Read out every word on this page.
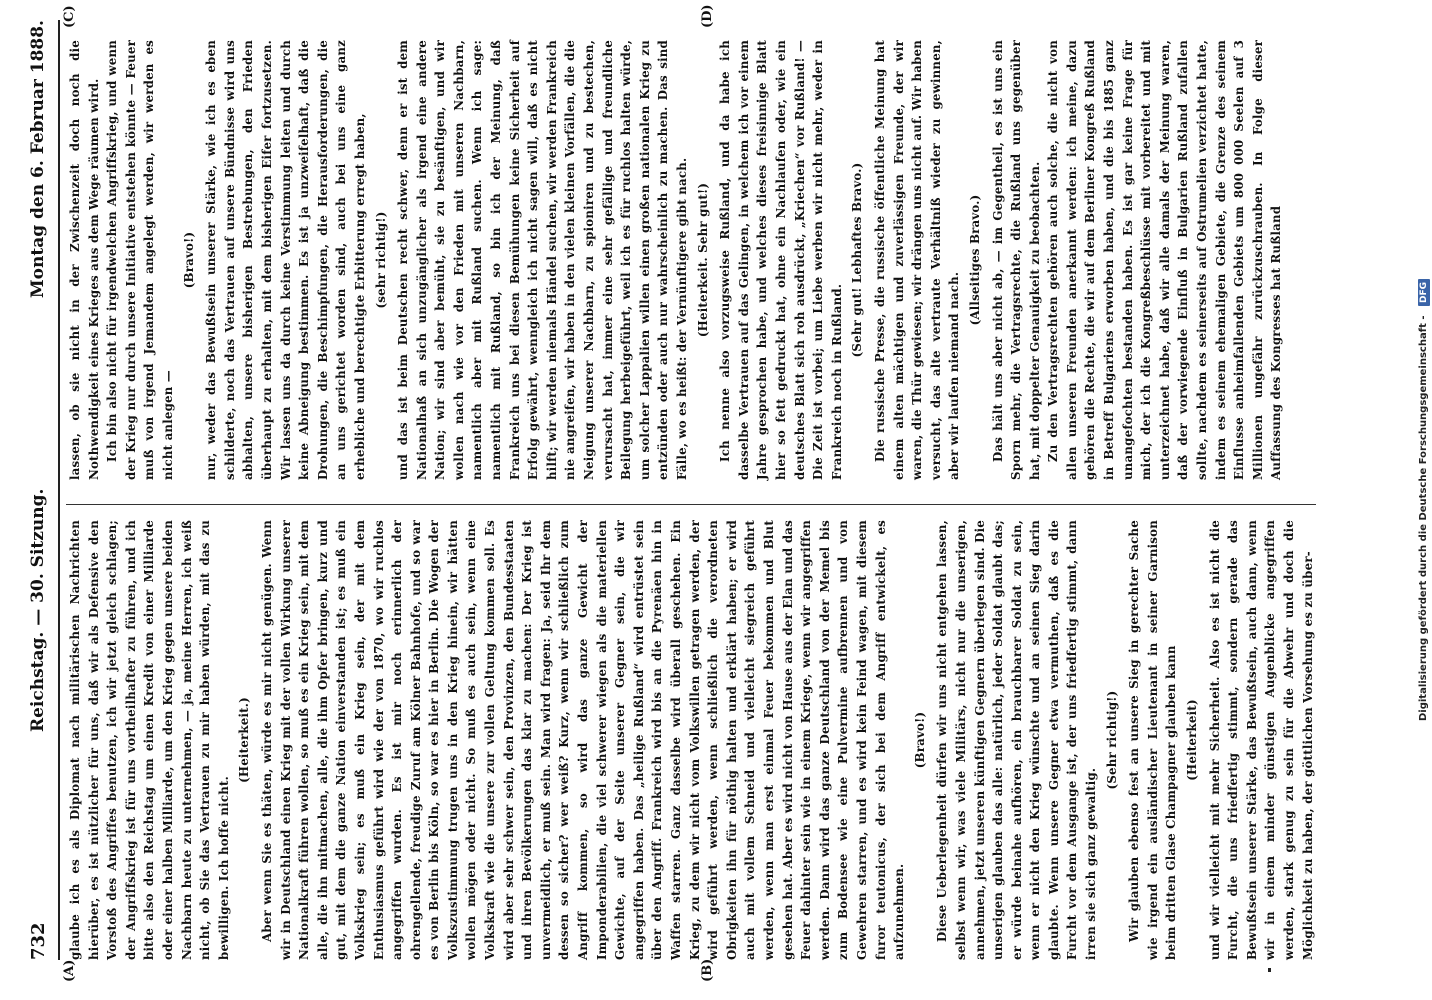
732
Reichstag. — 30. Sitzung.
Montag den 6. Februar 1888.
(A)	(B)
(C)	(D)

glaube ich es als Diplomat nach militärischen Nachrichten hierüber, es ist nützlicher für uns, daß wir als Defensive den Vorstoß des Angriffes benutzen, ich wir jetzt gleich schlagen; der Angriffskrieg ist für uns vortheilhafter zu führen, und ich bitte also den Reichstag um einen Kredit von einer Milliarde oder einer halben Milliarde, um den Krieg gegen unsere beiden Nachbarn heute zu unternehmen, — ja, meine Herren, ich weiß nicht, ob Sie das Vertrauen zu mir haben würden, mit das zu bewilligen. Ich hoffe nicht.

(Heiterkeit.) Aber wenn Sie es thäten, würde es mir nicht genügen. Wenn wir in Deutschland einen Krieg mit der vollen Wirkung unserer Nationalkraft führen wollen, so muß es ein Krieg sein, mit dem alle, die ihn mitmachen, alle, die ihm Opfer bringen, kurz und gut, mit dem die ganze Nation einverstanden ist; es muß ein Volkskrieg sein; es muß ein Krieg sein, der mit dem Enthusiasmus geführt wird wie der von 1870, wo wir ruchlos angegriffen wurden. Es ist mir noch erinnerlich der ohrengellende, freudige Zuruf am Kölner Bahnhofe, und so war es von Berlin bis Köln, so war es hier in Berlin. Die Wogen der Volkszustimmung trugen uns in den Krieg hinein, wir hätten wollen mögen oder nicht. So muß es auch sein, wenn eine Volkskraft wie die unsere zur vollen Geltung kommen soll. Es wird aber sehr schwer sein, den Provinzen, den Bundesstaaten und ihren Bevölkerungen das klar zu machen: Der Krieg ist unvermeidlich, er muß sein. Man wird fragen: Ja, seid Ihr dem dessen so sicher? wer weiß? Kurz, wenn wir schließlich zum Angriff kommen, so wird das ganze Gewicht der Imponderabilien, die viel schwerer wiegen als die materiellen Gewichte, auf der Seite unserer Gegner sein, die wir angegriffen haben. Das „heilige Rußland“ wird entrüstet sein über den Angriff. Frankreich wird bis an die Pyrenäen hin in Waffen starren. Ganz dasselbe wird überall geschehen. Ein Krieg, zu dem wir nicht vom Volkswillen getragen werden, der wird geführt werden, wenn schließlich die verordneten Obrigkeiten ihn für nöthig halten und erklärt haben; er wird auch mit vollem Schneid und vielleicht siegreich geführt werden, wenn man erst einmal Feuer bekommen und Blut gesehen hat. Aber es wird nicht von Hause aus der Elan und das Feuer dahinter sein wie in einem Kriege, wenn wir angegriffen werden. Dann wird das ganze Deutschland von der Memel bis zum Bodensee wie eine Pulvermine aufbrennen und von Gewehren starren, und es wird kein Feind wagen, mit diesem furor teutonicus, der sich bei dem Angriff entwickelt, es aufzunehmen.

(Bravo!) Diese Ueberlegenheit dürfen wir uns nicht entgehen lassen, selbst wenn wir, was viele Militärs, nicht nur die unserigen, annehmen, jetzt unseren künftigen Gegnern überlegen sind. Die unserigen glauben das alle: natürlich, jeder Soldat glaubt das; er würde beinahe aufhören, ein brauchbarer Soldat zu sein, wenn er nicht den Krieg wünschte und an seinen Sieg darin glaubte. Wenn unsere Gegner etwa vermuthen, daß es die Furcht vor dem Ausgange ist, der uns friedfertig stimmt, dann irren sie sich ganz gewaltig.

(Sehr richtig!) Wir glauben ebenso fest an unsere Sieg in gerechter Sache wie irgend ein ausländischer Lieutenant in seiner Garnison beim dritten Glase Champagner glauben kann (Heiterkeit) und wir vielleicht mit mehr Sicherheit. Also es ist nicht die Furcht, die uns friedfertig stimmt, sondern gerade das Bewußtsein unserer Stärke, das Bewußtsein, auch dann, wenn wir in einem minder günstigen Augenblicke angegriffen werden, stark genug zu sein für die Abwehr und doch die Möglichkeit zu haben, der göttlichen Vorsehung es zu über-

lassen, ob sie nicht in der Zwischenzeit doch noch die Nothwendigkeit eines Krieges aus dem Wege räumen wird. Ich bin also nicht für irgendwelchen Angriffskrieg, und wenn der Krieg nur durch unsere Initiative entstehen könnte — Feuer muß von irgend Jemandem angelegt werden, wir werden es nicht anlegen —

(Bravo!) nur, weder das Bewußtsein unserer Stärke, wie ich es eben schilderte, noch das Vertrauen auf unsere Bündnisse wird uns abhalten, unsere bisherigen Bestrebungen, den Frieden überhaupt zu erhalten, mit dem bisherigen Eifer fortzusetzen. Wir lassen uns da durch keine Verstimmung leiten und durch keine Abneigung bestimmen. Es ist ja unzweifelhaft, daß die Drohungen, die Beschimpfungen, die Herausforderungen, die an uns gerichtet worden sind, auch bei uns eine ganz erhebliche und berechtigte Erbitterung erregt haben, (sehr richtig!) und das ist beim Deutschen recht schwer, denn er ist dem Nationalhaß an sich unzugänglicher als irgend eine andere Nation; wir sind aber bemüht, sie zu besänftigen, und wir wollen nach wie vor den Frieden mit unseren Nachbarn, namentlich aber mit Rußland suchen. Wenn ich sage: namentlich mit Rußland, so bin ich der Meinung, daß Frankreich uns bei diesen Bemühungen keine Sicherheit auf Erfolg gewährt, wenngleich ich nicht sagen will, daß es nicht hilft; wir werden niemals Händel suchen, wir werden Frankreich nie angreifen, wir haben in den vielen kleinen Vorfällen, die die Neigung unserer Nachbarn, zu spioniren und zu bestechen, verursacht hat, immer eine sehr gefällige und freundliche Beilegung herbeigeführt, weil ich es für ruchlos halten würde, um solcher Lappalien willen einen großen nationalen Krieg zu entzünden oder auch nur wahrscheinlich zu machen. Das sind Fälle, wo es heißt: der Vernünftigere gibt nach. (Heiterkeit. Sehr gut!) Ich nenne also vorzugsweise Rußland, und da habe ich dasselbe Vertrauen auf das Gelingen, in welchem ich vor einem Jahre gesprochen habe, und welches dieses freisinnige Blatt hier so fett gedruckt hat, ohne ein Nachlaufen oder, wie ein deutsches Blatt sich roh ausdrückt, „Kriechen“ vor Rußland! — Die Zeit ist vorbei; um Liebe werben wir nicht mehr, weder in Frankreich noch in Rußland.

(Sehr gut! Lebhaftes Bravo.) Die russische Presse, die russische öffentliche Meinung hat einem alten mächtigen und zuverlässigen Freunde, der wir waren, die Thür gewiesen; wir drängen uns nicht auf. Wir haben versucht, das alte vertraute Verhältniß wieder zu gewinnen, aber wir laufen niemand nach.

(Allseitiges Bravo.) Das hält uns aber nicht ab, — im Gegentheil, es ist uns ein Sporn mehr, die Vertragsrechte, die Rußland uns gegenüber hat, mit doppelter Genauigkeit zu beobachten. Zu den Vertragsrechten gehören auch solche, die nicht von allen unseren Freunden anerkannt werden: ich meine, dazu gehören die Rechte, die wir auf dem Berliner Kongreß Rußland in Betreff Bulgariens erworben haben, und die bis 1885 ganz unangefochten bestanden haben. Es ist gar keine Frage für mich, der ich die Kongreßbeschlüsse mit vorbereitet und mit unterzeichnet habe, daß wir alle damals der Meinung waren, daß der vorwiegende Einfluß in Bulgarien Rußland zufallen sollte, nachdem es seinerseits auf Ostrumelien verzichtet hatte, indem es seinem ehemaligen Gebiete, die Grenze des seinem Einflusse anheimfallenden Gebiets um 800 000 Seelen auf 3 Millionen ungefähr zurückzuschrauben. In Folge dieser Auffassung des Kongresses hat Rußland	Digitalisierung gefördert durch die Deutsche Forschungsgemeinschaft - DFG
